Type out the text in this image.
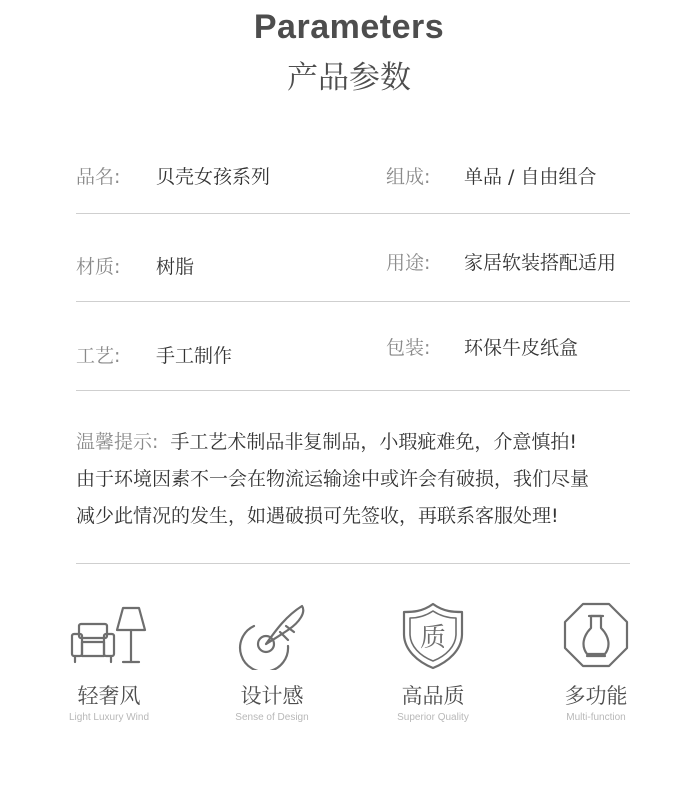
Parameters
产品参数
品名: 贝壳女孩系列	组成: 单品 / 自由组合
材质: 树脂	用途: 家居软装搭配适用
工艺: 手工制作	包装: 环保牛皮纸盒
温馨提示: 手工艺术制品非复制品，小瑕疵难免，介意慎拍!
由于环境因素不一会在物流运输途中或许会有破损，我们尽量
减少此情况的发生，如遇破损可先签收，再联系客服处理!
轻奢风
Light Luxury Wind
设计感
Sense of Design
质
高品质
Superior Quality
多功能
Multi-function
